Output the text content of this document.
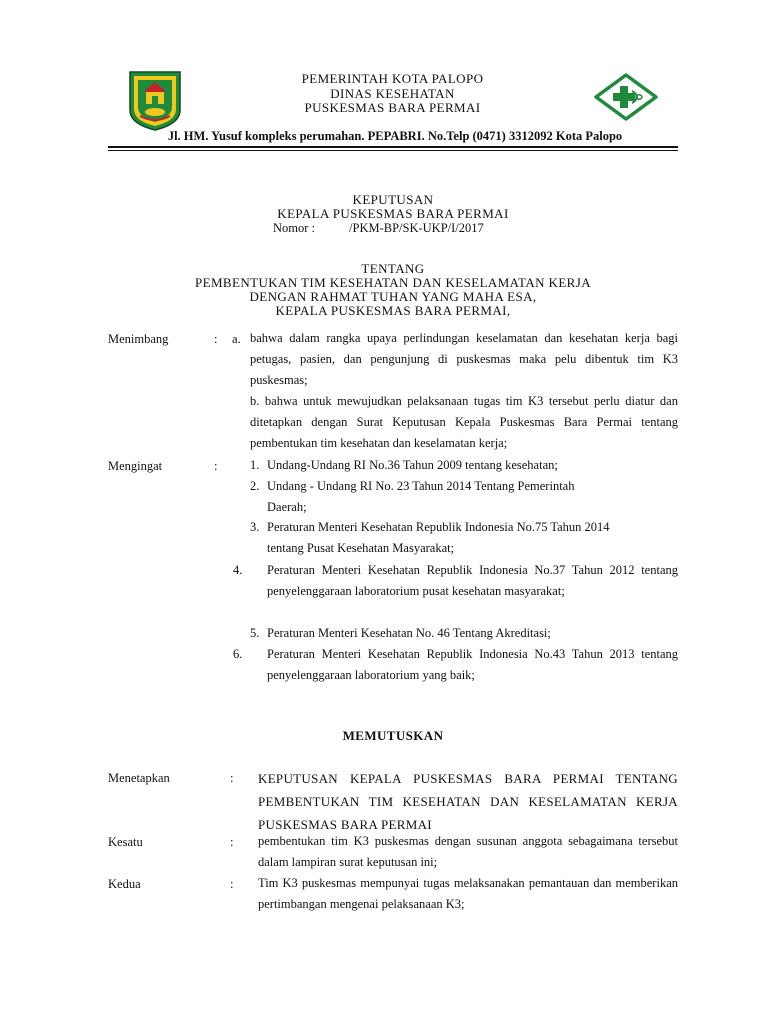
PEMERINTAH KOTA PALOPO
DINAS KESEHATAN
PUSKESMAS BARA PERMAI
Jl. HM. Yusuf kompleks perumahan. PEPABRI. No.Telp (0471) 3312092 Kota Palopo
KEPUTUSAN
KEPALA PUSKESMAS BARA PERMAI
Nomor :	/PKM-BP/SK-UKP/I/2017
TENTANG
PEMBENTUKAN TIM KESEHATAN DAN KESELAMATAN KERJA
DENGAN RAHMAT TUHAN YANG MAHA ESA,
KEPALA PUSKESMAS BARA PERMAI,
Menimbang	: a. bahwa dalam rangka upaya perlindungan keselamatan dan kesehatan kerja bagi petugas, pasien, dan pengunjung di puskesmas maka pelu dibentuk tim K3 puskesmas;
b. bahwa untuk mewujudkan pelaksanaan tugas tim K3 tersebut perlu diatur dan ditetapkan dengan Surat Keputusan Kepala Puskesmas Bara Permai tentang pembentukan tim kesehatan dan keselamatan kerja;
Mengingat	:	1. Undang-Undang RI No.36 Tahun 2009 tentang kesehatan;
2. Undang - Undang RI No. 23 Tahun 2014 Tentang Pemerintah
Daerah;
3. Peraturan Menteri Kesehatan Republik Indonesia No.75 Tahun 2014
tentang Pusat Kesehatan Masyarakat;
4. Peraturan Menteri Kesehatan Republik Indonesia No.37 Tahun 2012 tentang penyelenggaraan laboratorium pusat kesehatan masyarakat;
5. Peraturan Menteri Kesehatan No. 46 Tentang Akreditasi;
6. Peraturan Menteri Kesehatan Republik Indonesia No.43 Tahun 2013 tentang penyelenggaraan laboratorium yang baik;
MEMUTUSKAN
Menetapkan	: KEPUTUSAN KEPALA PUSKESMAS BARA PERMAI TENTANG PEMBENTUKAN TIM KESEHATAN DAN KESELAMATAN KERJA PUSKESMAS BARA PERMAI
Kesatu	: pembentukan tim K3 puskesmas dengan susunan anggota sebagaimana tersebut dalam lampiran surat keputusan ini;
Kedua	: Tim K3 puskesmas mempunyai tugas melaksanakan pemantauan dan memberikan pertimbangan mengenai pelaksanaan K3;
